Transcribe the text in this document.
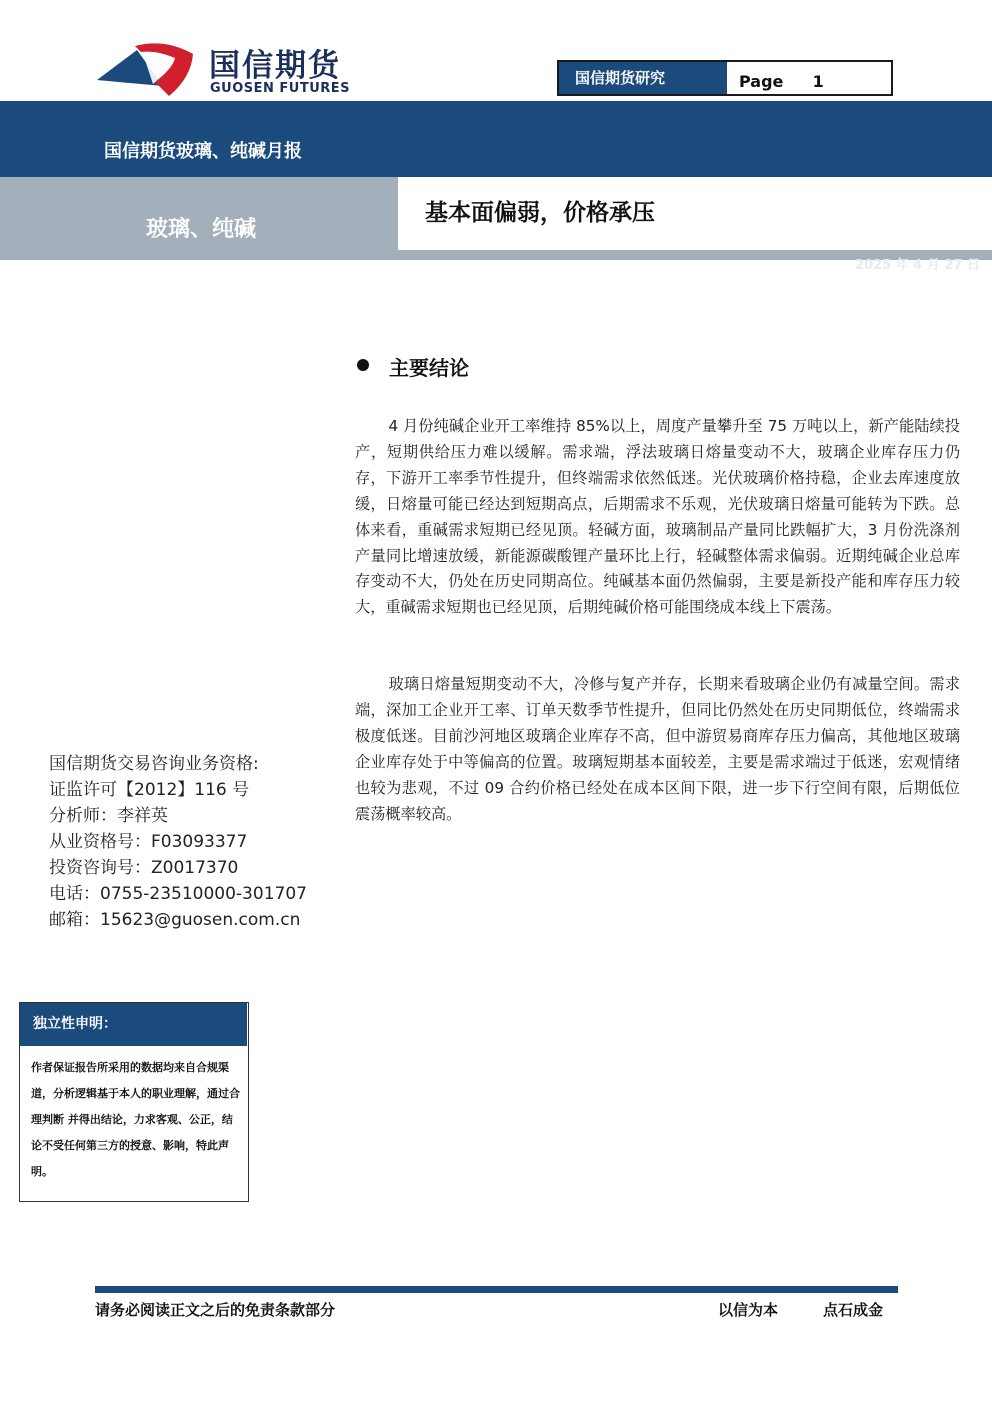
国信期货
GUOSEN FUTURES
国信期货研究	Page 1
国信期货玻璃、纯碱月报
玻璃、纯碱
基本面偏弱，价格承压
2025 年 4 月 27 日
主要结论

4 月份纯碱企业开工率维持 85%以上，周度产量攀升至 75 万吨以上，新产能陆续投产，短期供给压力难以缓解。需求端，浮法玻璃日熔量变动不大，玻璃企业库存压力仍存，下游开工率季节性提升，但终端需求依然低迷。光伏玻璃价格持稳，企业去库速度放缓，日熔量可能已经达到短期高点，后期需求不乐观，光伏玻璃日熔量可能转为下跌。总体来看，重碱需求短期已经见顶。轻碱方面，玻璃制品产量同比跌幅扩大，3 月份洗涤剂产量同比增速放缓，新能源碳酸锂产量环比上行，轻碱整体需求偏弱。近期纯碱企业总库存变动不大，仍处在历史同期高位。纯碱基本面仍然偏弱，主要是新投产能和库存压力较大，重碱需求短期也已经见顶，后期纯碱价格可能围绕成本线上下震荡。

玻璃日熔量短期变动不大，冷修与复产并存，长期来看玻璃企业仍有减量空间。需求端，深加工企业开工率、订单天数季节性提升，但同比仍然处在历史同期低位，终端需求极度低迷。目前沙河地区玻璃企业库存不高，但中游贸易商库存压力偏高，其他地区玻璃企业库存处于中等偏高的位置。玻璃短期基本面较差，主要是需求端过于低迷，宏观情绪也较为悲观，不过 09 合约价格已经处在成本区间下限，进一步下行空间有限，后期低位震荡概率较高。

国信期货交易咨询业务资格:
证监许可【2012】116 号
分析师：李祥英
从业资格号：F03093377
投资咨询号：Z0017370
电话：0755-23510000-301707
邮箱：15623@guosen.com.cn
独立性申明：
作者保证报告所采用的数据均来自合规渠道，分析逻辑基于本人的职业理解，通过合理判断 并得出结论，力求客观、公正，结论不受任何第三方的授意、影响，特此声明。
请务必阅读正文之后的免责条款部分	以信为本	点石成金
